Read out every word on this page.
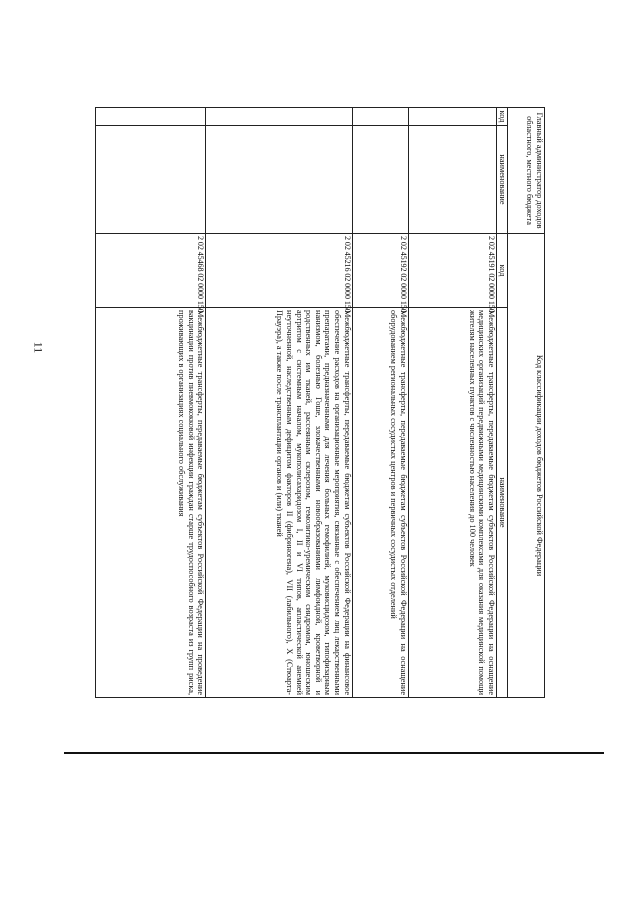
11
Главный администратор доходов областного, местного бюджета		Код классификации доходов бюджетов Российской Федерации	
код	наименование	код	наименование
		2 02 45191 02 0000 150	Межбюджетные трансферты, передаваемые бюджетам субъектов Российской Федерации на оснащение медицинских организаций передвижными медицинскими комплексами для оказания медицинской помощи жителям населенных пунктов с численностью населения до 100 человек
		2 02 45192 02 0000 150	Межбюджетные трансферты, передаваемые бюджетам субъектов Российской Федерации на оснащение оборудованием региональных сосудистых центров и первичных сосудистых отделений
		2 02 45216 02 0000 150	Межбюджетные трансферты, передаваемые бюджетам субъектов Российской Федерации на финансовое обеспечение расходов на организационные мероприятия, связанные с обеспечением лиц лекарственными препаратами, предназначенными для лечения больных гемофилией, муковисцидозом, гипофизарным нанизмом, болезнью Гоше, злокачественными новообразованиями лимфоидной, кроветворной и родственных им тканей, рассеянным склерозом, гемолитико-уремическим синдромом, юношеским артритом с системным началом, мукополисахаридозом I, II и VI типов, апластической анемией неуточненной, наследственным дефицитом факторов II (фибриногена), VII (лабильного), X (Стюарта-Прауэра), а также после трансплантации органов и (или) тканей
		2 02 45468 02 0000 150	Межбюджетные трансферты, передаваемые бюджетам субъектов Российской Федерации на проведение вакцинации против пневмококковой инфекции граждан старше трудоспособного возраста из групп риска, проживающих в организациях социального обслуживания
